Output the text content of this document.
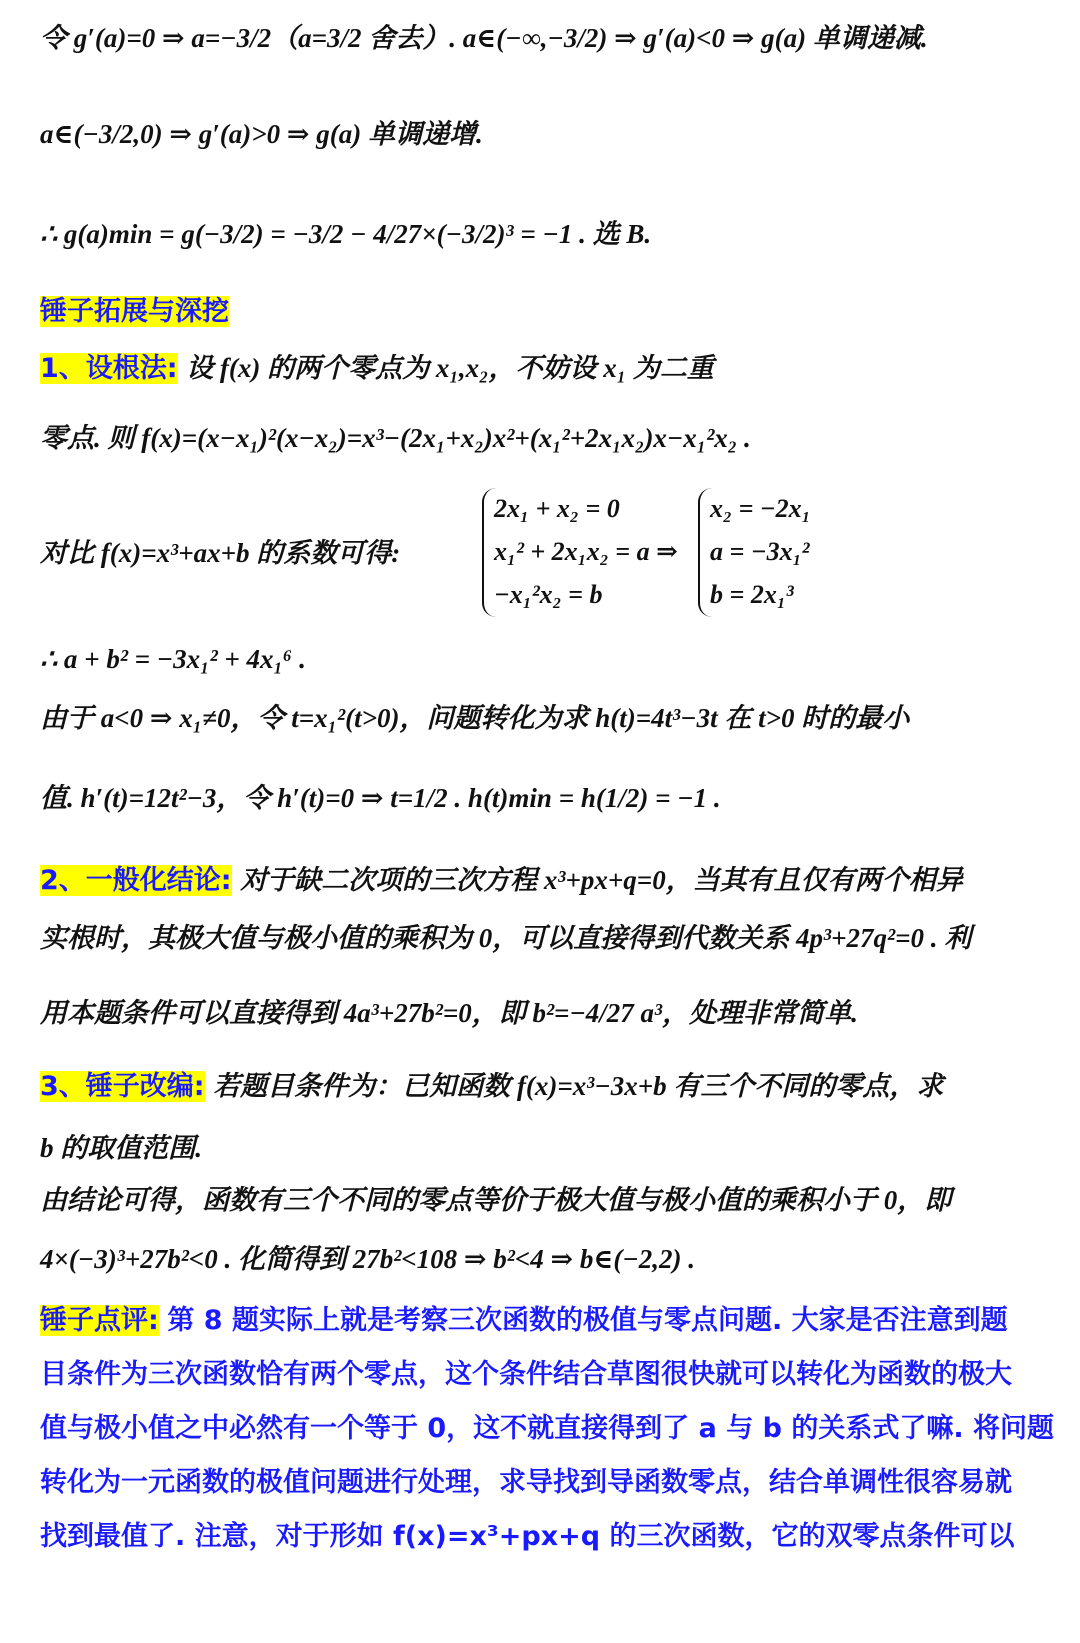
令 g′(a)=0 ⇒ a=−3/2（a=3/2 舍去）. a∈(−∞,−3/2) ⇒ g′(a)<0 ⇒ g(a) 单调递减.
a∈(−3/2,0) ⇒ g′(a)>0 ⇒ g(a) 单调递增.
∴ g(a)min = g(−3/2) = −3/2 − 4/27×(−3/2)³ = −1 . 选 B.
锤子拓展与深挖
1、设根法: 设 f(x) 的两个零点为 x₁,x₂，不妨设 x₁ 为二重
零点. 则 f(x)=(x−x₁)²(x−x₂)=x³−(2x₁+x₂)x²+(x₁²+2x₁x₂)x−x₁²x₂ .
对比 f(x)=x³+ax+b 的系数可得:
2x₁ + x₂ = 0
x₁² + 2x₁x₂ = a ⇒
−x₁²x₂ = b
x₂ = −2x₁
a = −3x₁²
b = 2x₁³
∴ a + b² = −3x₁² + 4x₁⁶ .
由于 a<0 ⇒ x₁≠0，令 t=x₁²(t>0)，问题转化为求 h(t)=4t³−3t 在 t>0 时的最小
值. h′(t)=12t²−3，令 h′(t)=0 ⇒ t=1/2 . h(t)min = h(1/2) = −1 .
2、一般化结论: 对于缺二次项的三次方程 x³+px+q=0，当其有且仅有两个相异
实根时，其极大值与极小值的乘积为 0，可以直接得到代数关系 4p³+27q²=0 . 利
用本题条件可以直接得到 4a³+27b²=0，即 b²=−4/27 a³，处理非常简单.
3、锤子改编: 若题目条件为：已知函数 f(x)=x³−3x+b 有三个不同的零点，求
b 的取值范围.
由结论可得，函数有三个不同的零点等价于极大值与极小值的乘积小于 0，即
4×(−3)³+27b²<0 . 化简得到 27b²<108 ⇒ b²<4 ⇒ b∈(−2,2) .
锤子点评: 第 8 题实际上就是考察三次函数的极值与零点问题. 大家是否注意到题
目条件为三次函数恰有两个零点，这个条件结合草图很快就可以转化为函数的极大
值与极小值之中必然有一个等于 0，这不就直接得到了 a 与 b 的关系式了嘛. 将问题
转化为一元函数的极值问题进行处理，求导找到导函数零点，结合单调性很容易就
找到最值了. 注意，对于形如 f(x)=x³+px+q 的三次函数，它的双零点条件可以
